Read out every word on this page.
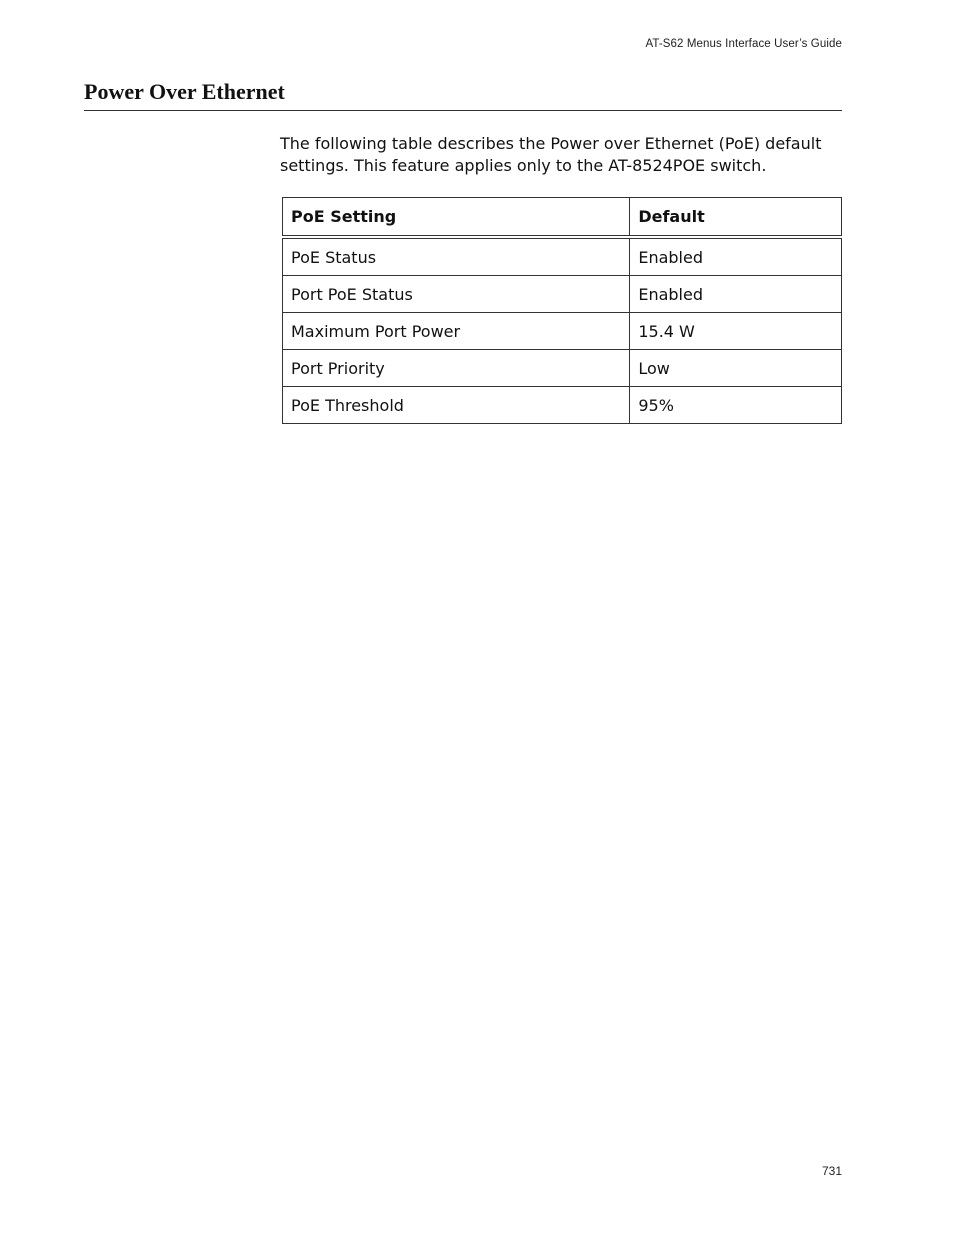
AT-S62 Menus Interface User’s Guide
Power Over Ethernet

The following table describes the Power over Ethernet (PoE) default settings. This feature applies only to the AT-8524POE switch.

PoE Setting	Default
PoE Status	Enabled
Port PoE Status	Enabled
Maximum Port Power	15.4 W
Port Priority	Low
PoE Threshold	95%
731
